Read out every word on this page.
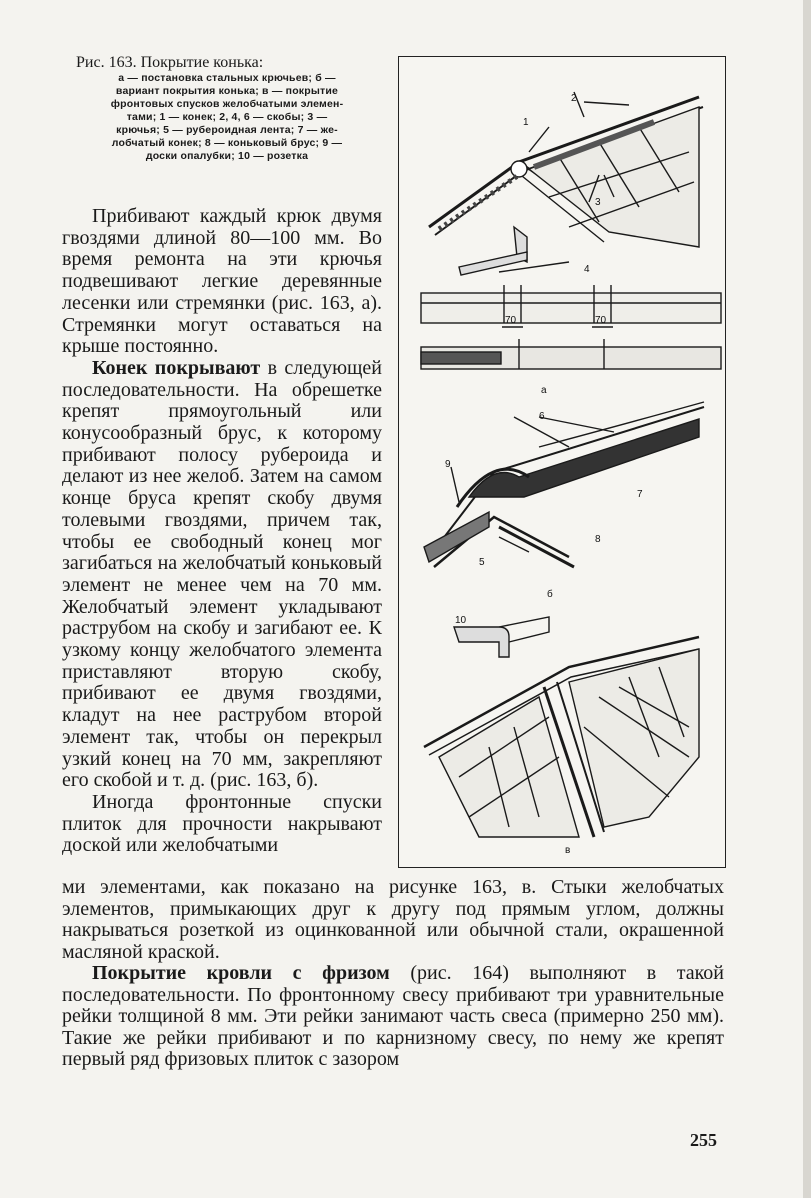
Рис. 163. Покрытие конька:
а — постановка стальных крючьев; б —
вариант покрытия конька; в — покрытие
фронтовых спусков желобчатыми элемен-
тами; 1 — конек; 2, 4, 6 — скобы; 3 —
крючья; 5 — рубероидная лента; 7 — же-
лобчатый конек; 8 — коньковый брус; 9 —
доски опалубки; 10 — розетка

Прибивают каждый крюк двумя гвоздями длиной 80—100 мм. Во время ремонта на эти крючья подвешивают легкие деревянные лесенки или стремянки (рис. 163, а). Стремянки могут оставаться на крыше постоянно.

Конек покрывают в следующей последовательности. На обрешетке крепят прямоугольный или конусообразный брус, к которому прибивают полосу рубероида и делают из нее желоб. Затем на самом конце бруса крепят скобу двумя толевыми гвоздями, причем так, чтобы ее свободный конец мог загибаться на желобчатый коньковый элемент не менее чем на 70 мм. Желобчатый элемент укладывают раструбом на скобу и загибают ее. К узкому концу желобчатого элемента приставляют вторую скобу, прибивают ее двумя гвоздями, кладут на нее раструбом второй элемент так, чтобы он перекрыл узкий конец на 70 мм, закрепляют его скобой и т. д. (рис. 163, б).

Иногда фронтонные спуски плиток для прочности накрывают доской или желобчатыми

2
1
3
4
70	70
а
6
9
7
8
5
б
10
в

ми элементами, как показано на рисунке 163, в. Стыки желобчатых элементов, примыкающих друг к другу под прямым углом, должны накрываться розеткой из оцинкованной или обычной стали, окрашенной масляной краской.

Покрытие кровли с фризом (рис. 164) выполняют в такой последовательности. По фронтонному свесу прибивают три уравнительные рейки толщиной 8 мм. Эти рейки занимают часть свеса (примерно 250 мм). Такие же рейки прибивают и по карнизному свесу, по нему же крепят первый ряд фризовых плиток с зазором

255
